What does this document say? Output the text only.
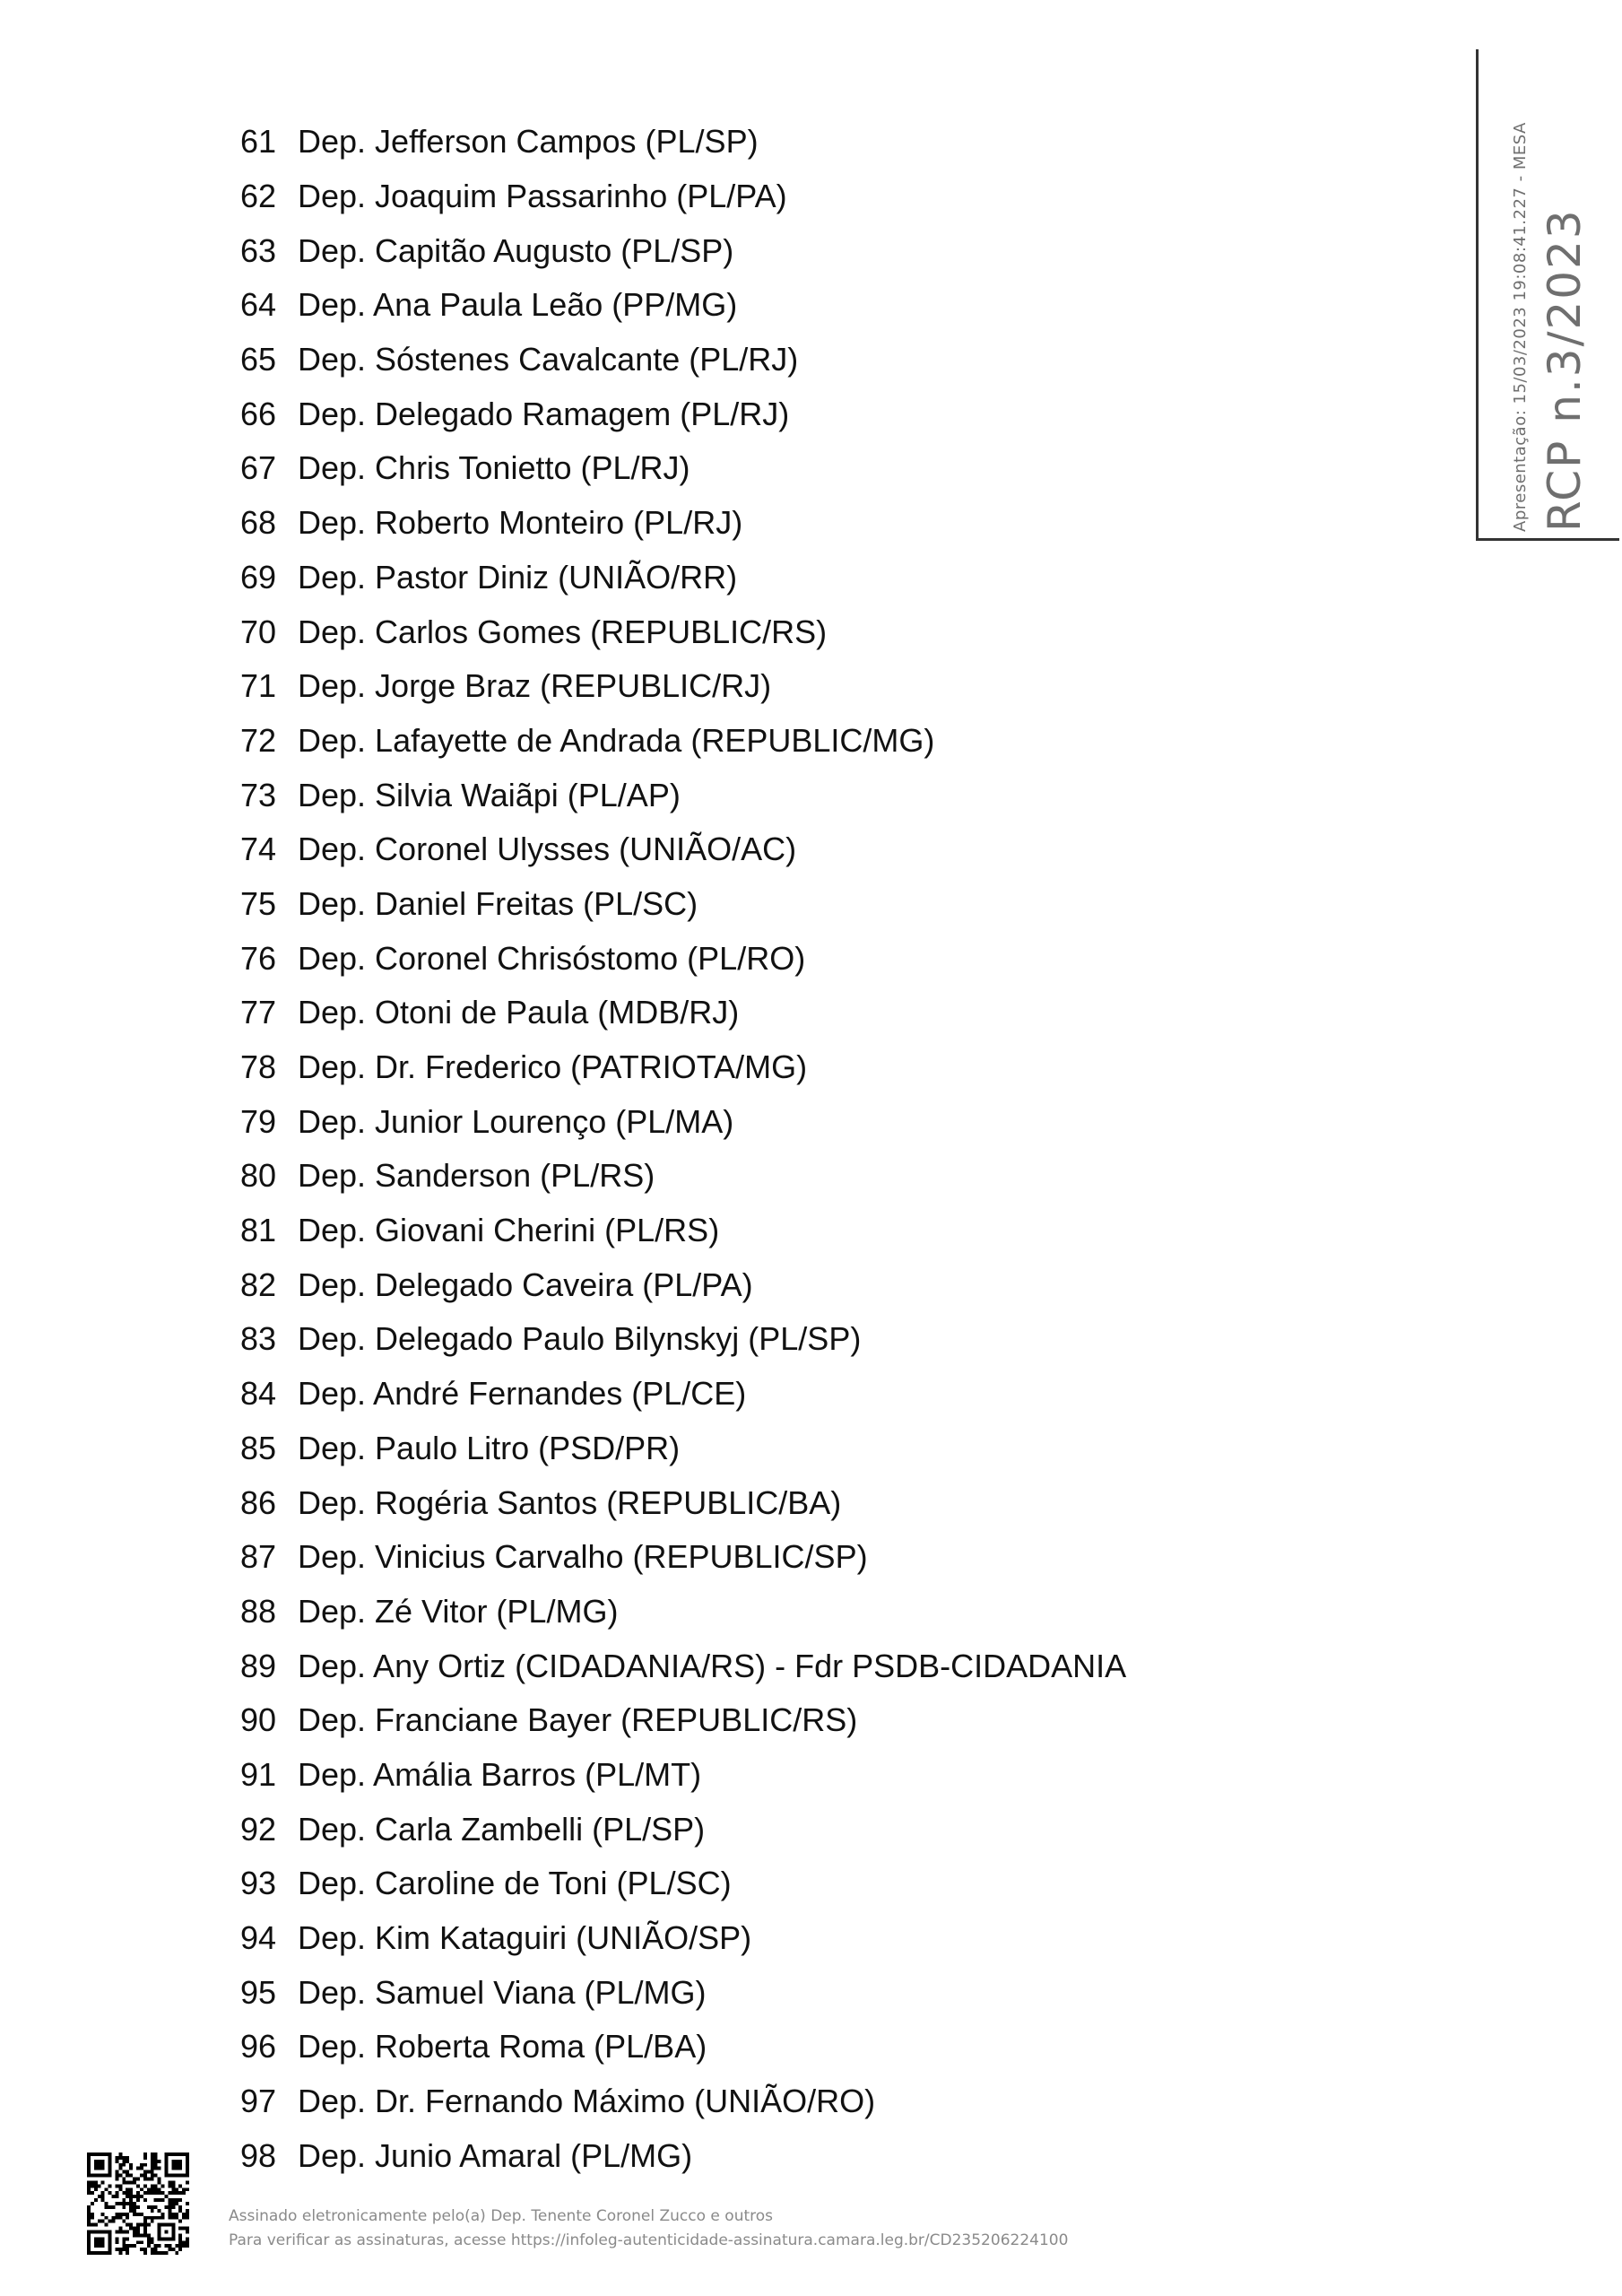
61 Dep. Jefferson Campos (PL/SP)
62 Dep. Joaquim Passarinho (PL/PA)
63 Dep. Capitão Augusto (PL/SP)
64 Dep. Ana Paula Leão (PP/MG)
65 Dep. Sóstenes Cavalcante (PL/RJ)
66 Dep. Delegado Ramagem (PL/RJ)
67 Dep. Chris Tonietto (PL/RJ)
68 Dep. Roberto Monteiro (PL/RJ)
69 Dep. Pastor Diniz (UNIÃO/RR)
70 Dep. Carlos Gomes (REPUBLIC/RS)
71 Dep. Jorge Braz (REPUBLIC/RJ)
72 Dep. Lafayette de Andrada (REPUBLIC/MG)
73 Dep. Silvia Waiãpi (PL/AP)
74 Dep. Coronel Ulysses (UNIÃO/AC)
75 Dep. Daniel Freitas (PL/SC)
76 Dep. Coronel Chrisóstomo (PL/RO)
77 Dep. Otoni de Paula (MDB/RJ)
78 Dep. Dr. Frederico (PATRIOTA/MG)
79 Dep. Junior Lourenço (PL/MA)
80 Dep. Sanderson (PL/RS)
81 Dep. Giovani Cherini (PL/RS)
82 Dep. Delegado Caveira (PL/PA)
83 Dep. Delegado Paulo Bilynskyj (PL/SP)
84 Dep. André Fernandes (PL/CE)
85 Dep. Paulo Litro (PSD/PR)
86 Dep. Rogéria Santos (REPUBLIC/BA)
87 Dep. Vinicius Carvalho (REPUBLIC/SP)
88 Dep. Zé Vitor (PL/MG)
89 Dep. Any Ortiz (CIDADANIA/RS) - Fdr PSDB-CIDADANIA
90 Dep. Franciane Bayer (REPUBLIC/RS)
91 Dep. Amália Barros (PL/MT)
92 Dep. Carla Zambelli (PL/SP)
93 Dep. Caroline de Toni (PL/SC)
94 Dep. Kim Kataguiri (UNIÃO/SP)
95 Dep. Samuel Viana (PL/MG)
96 Dep. Roberta Roma (PL/BA)
97 Dep. Dr. Fernando Máximo (UNIÃO/RO)
98 Dep. Junio Amaral (PL/MG)
Apresentação: 15/03/2023 19:08:41.227 - MESA RCP n.3/2023
Assinado eletronicamente pelo(a) Dep. Tenente Coronel Zucco e outros
Para verificar as assinaturas, acesse https://infoleg-autenticidade-assinatura.camara.leg.br/CD235206224100
